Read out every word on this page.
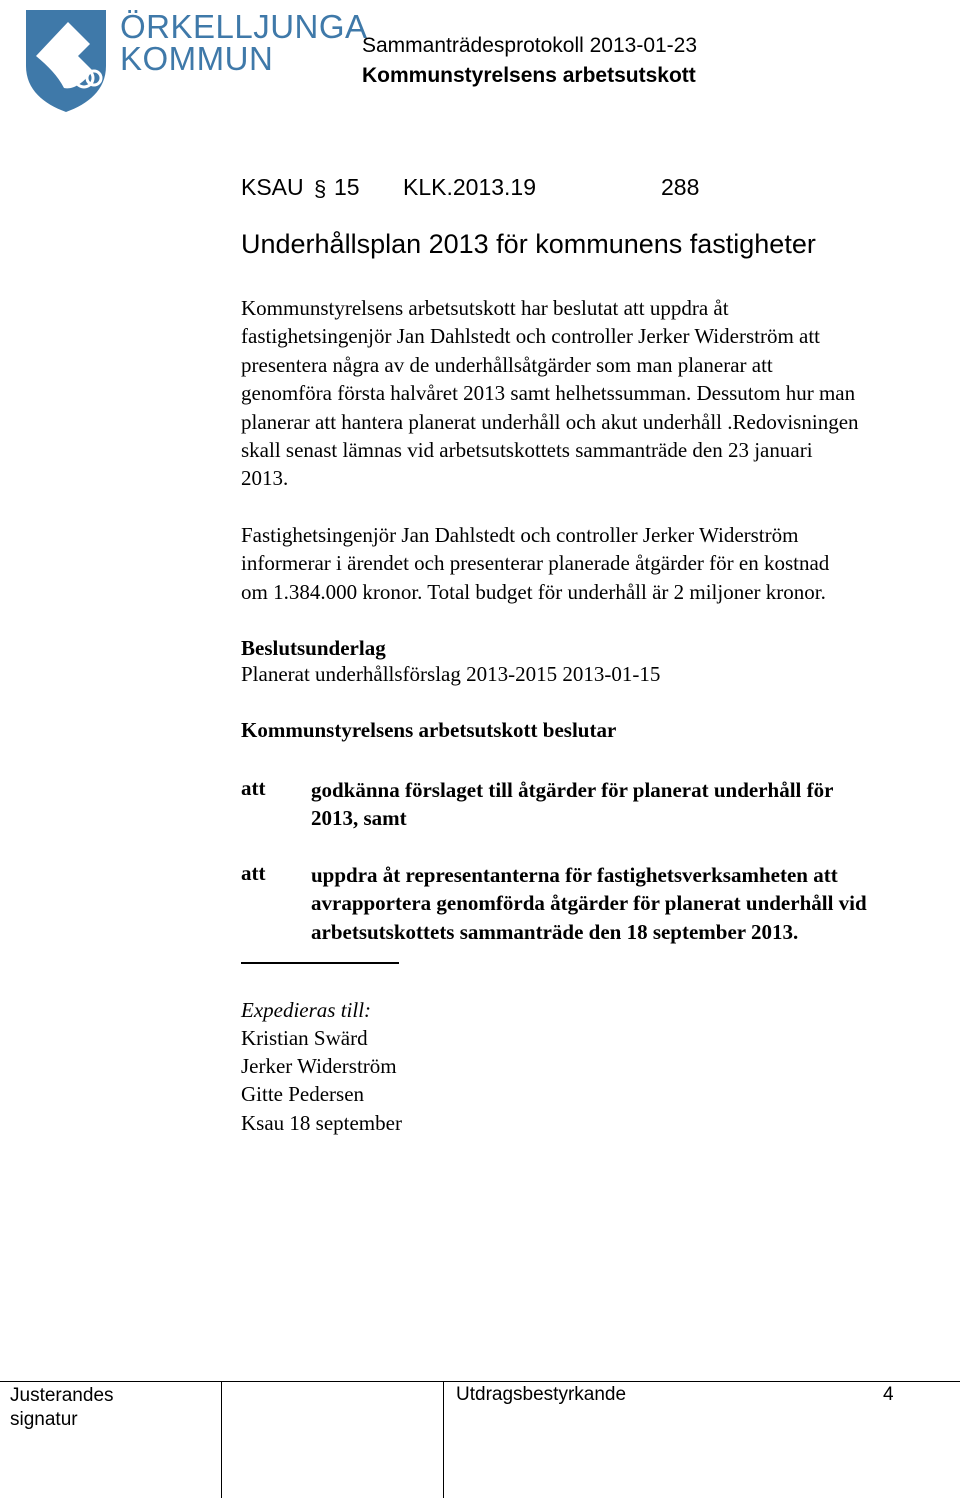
ÖRKELLJUNGA
KOMMUN	Sammanträdesprotokoll 2013-01-23
Kommunstyrelsens arbetsutskott
KSAU § 15 KLK.2013.19	288
Underhållsplan 2013 för kommunens fastigheter
Kommunstyrelsens arbetsutskott har beslutat att uppdra åt
fastighetsingenjör Jan Dahlstedt och controller Jerker Widerström att
presentera några av de underhållsåtgärder som man planerar att
genomföra första halvåret 2013 samt helhetssumman. Dessutom hur man
planerar att hantera planerat underhåll och akut underhåll .Redovisningen
skall senast lämnas vid arbetsutskottets sammanträde den 23 januari
2013.
Fastighetsingenjör Jan Dahlstedt och controller Jerker Widerström
informerar i ärendet och presenterar planerade åtgärder för en kostnad
om 1.384.000 kronor. Total budget för underhåll är 2 miljoner kronor.
Beslutsunderlag
Planerat underhållsförslag 2013-2015 2013-01-15
Kommunstyrelsens arbetsutskott beslutar
att godkänna förslaget till åtgärder för planerat underhåll för
2013, samt
att uppdra åt representanterna för fastighetsverksamheten att
avrapportera genomförda åtgärder för planerat underhåll vid
arbetsutskottets sammanträde den 18 september 2013.
Expedieras till:
Kristian Swärd
Jerker Widerström
Gitte Pedersen
Ksau 18 september
Justerandes
signatur
Utdragsbestyrkande	4
